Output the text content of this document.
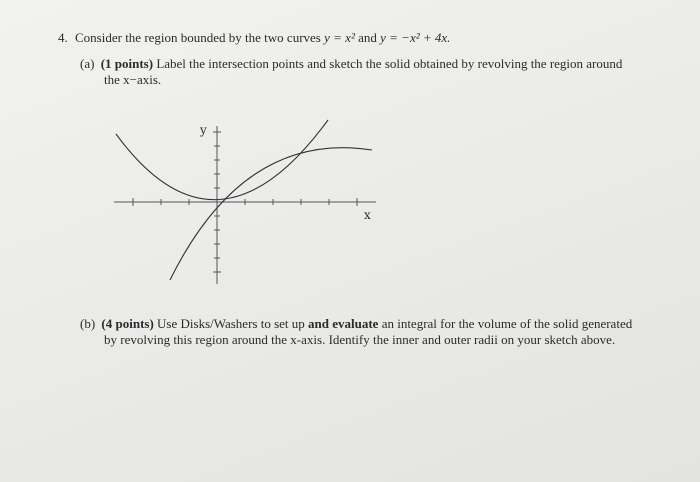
4. Consider the region bounded by the two curves y = x² and y = −x² + 4x.
(a) (1 points) Label the intersection points and sketch the solid obtained by revolving the region around
the x−axis.
y
x
(b) (4 points) Use Disks/Washers to set up and evaluate an integral for the volume of the solid generated
by revolving this region around the x-axis. Identify the inner and outer radii on your sketch above.
